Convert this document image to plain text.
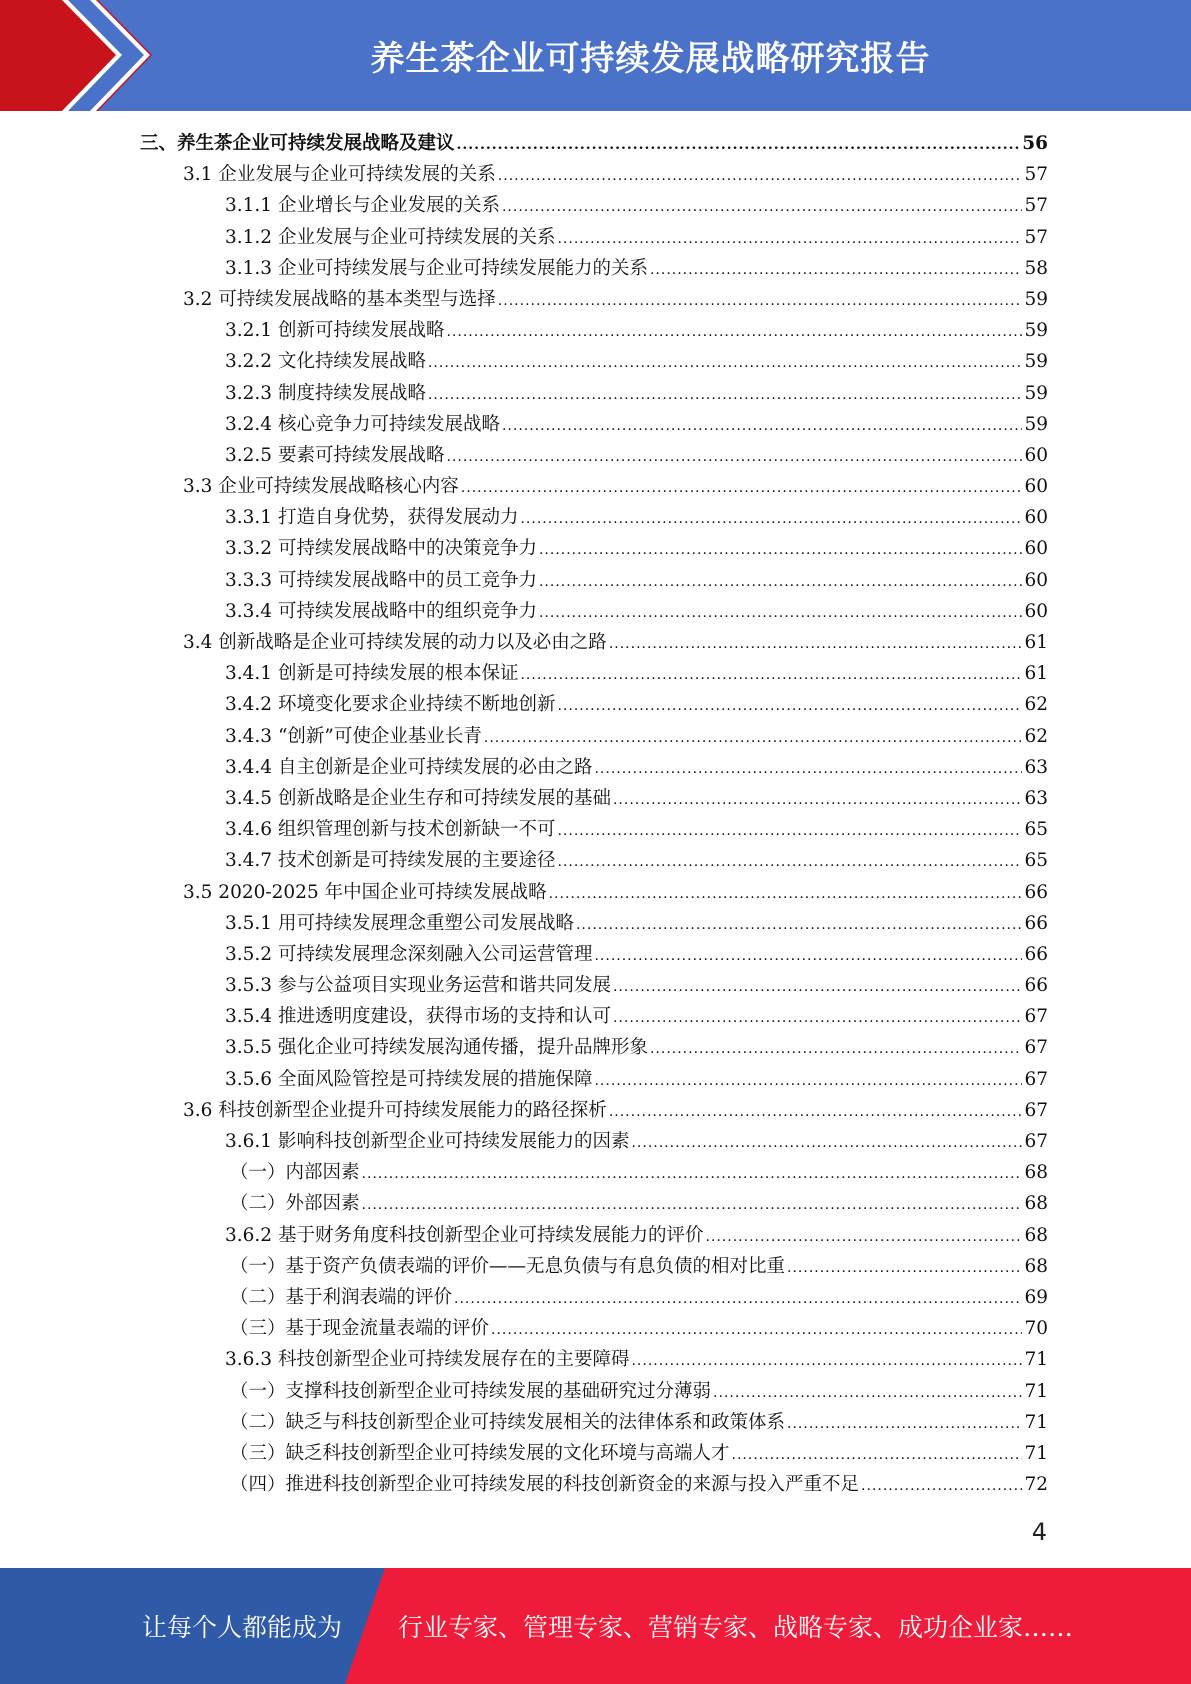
养生茶企业可持续发展战略研究报告
三、养生茶企业可持续发展战略及建议 .....	56
3.1 企业发展与企业可持续发展的关系 .....	57
3.1.1 企业增长与企业发展的关系 .....	57
3.1.2 企业发展与企业可持续发展的关系 .....	57
3.1.3 企业可持续发展与企业可持续发展能力的关系 .....	58
3.2 可持续发展战略的基本类型与选择 .....	59
3.2.1 创新可持续发展战略 .....	59
3.2.2 文化持续发展战略 .....	59
3.2.3 制度持续发展战略 .....	59
3.2.4 核心竞争力可持续发展战略 .....	59
3.2.5 要素可持续发展战略 .....	60
3.3 企业可持续发展战略核心内容 .....	60
3.3.1 打造自身优势，获得发展动力 .....	60
3.3.2 可持续发展战略中的决策竞争力 .....	60
3.3.3 可持续发展战略中的员工竞争力 .....	60
3.3.4 可持续发展战略中的组织竞争力 .....	60
3.4 创新战略是企业可持续发展的动力以及必由之路 .....	61
3.4.1 创新是可持续发展的根本保证 .....	61
3.4.2 环境变化要求企业持续不断地创新 .....	62
3.4.3 “创新”可使企业基业长青 .....	62
3.4.4 自主创新是企业可持续发展的必由之路 .....	63
3.4.5 创新战略是企业生存和可持续发展的基础 .....	63
3.4.6 组织管理创新与技术创新缺一不可 .....	65
3.4.7 技术创新是可持续发展的主要途径 .....	65
3.5 2020-2025 年中国企业可持续发展战略 .....	66
3.5.1 用可持续发展理念重塑公司发展战略 .....	66
3.5.2 可持续发展理念深刻融入公司运营管理 .....	66
3.5.3 参与公益项目实现业务运营和谐共同发展 .....	66
3.5.4 推进透明度建设，获得市场的支持和认可 .....	67
3.5.5 强化企业可持续发展沟通传播，提升品牌形象 .....	67
3.5.6 全面风险管控是可持续发展的措施保障 .....	67
3.6 科技创新型企业提升可持续发展能力的路径探析 .....	67
3.6.1 影响科技创新型企业可持续发展能力的因素 .....	67
（一）内部因素 .....	68
（二）外部因素 .....	68
3.6.2 基于财务角度科技创新型企业可持续发展能力的评价 .....	68
（一）基于资产负债表端的评价——无息负债与有息负债的相对比重 .....	68
（二）基于利润表端的评价 .....	69
（三）基于现金流量表端的评价 .....	70
3.6.3 科技创新型企业可持续发展存在的主要障碍 .....	71
（一）支撑科技创新型企业可持续发展的基础研究过分薄弱 .....	71
（二）缺乏与科技创新型企业可持续发展相关的法律体系和政策体系 .....	71
（三）缺乏科技创新型企业可持续发展的文化环境与高端人才 .....	71
（四）推进科技创新型企业可持续发展的科技创新资金的来源与投入严重不足 .....	72
4
让每个人都能成为 行业专家、管理专家、营销专家、战略专家、成功企业家……
